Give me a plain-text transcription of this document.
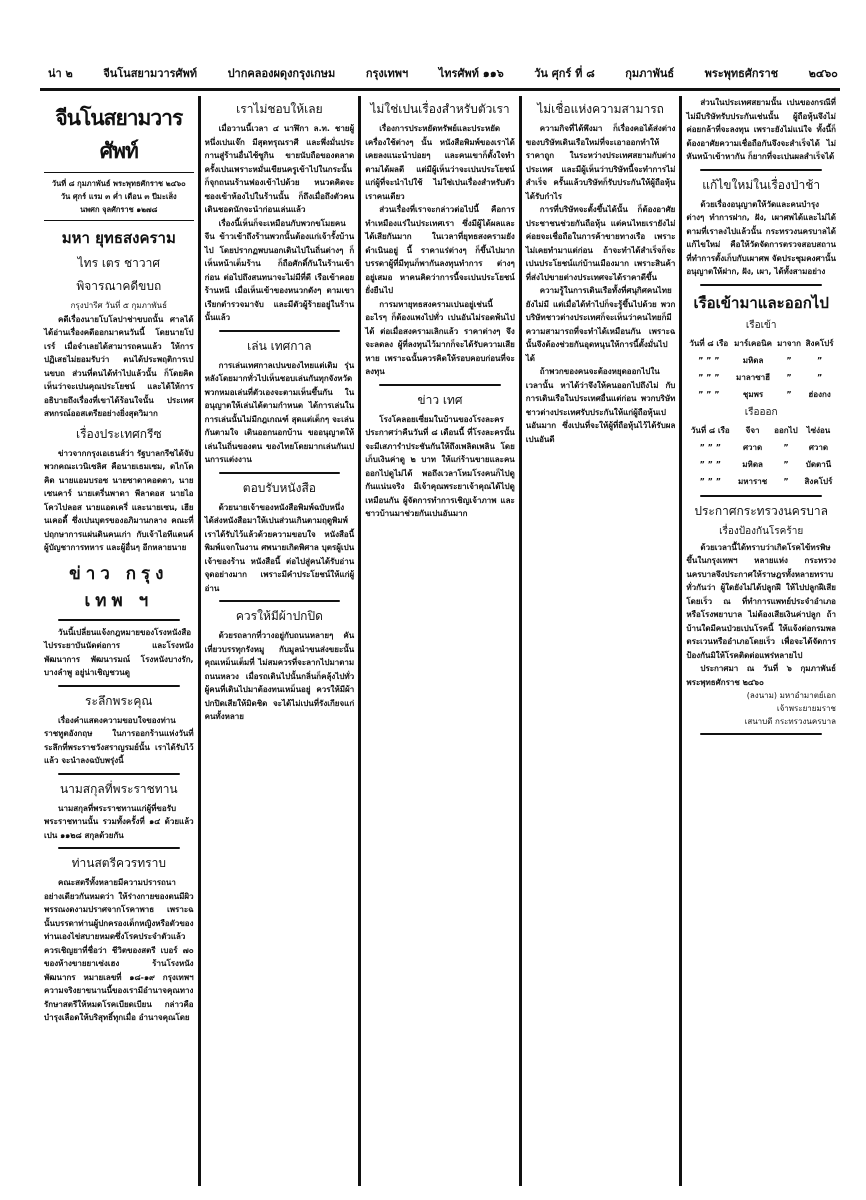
น่า ๒	จีนโนสยามวารศัพท์	ปากคลองผดุงกรุงเกษม	กรุงเทพฯ	ไทรศัพท์ ๑๑๖	วัน ศุกร์ ที่ ๘	กุมภาพันธ์	พระพุทธศักราช	๒๔๖๐
จีนโนสยามวารศัพท์
วันที่ ๘ กุมภาพันธ์ พระพุทธศักราช ๒๔๖๐
วัน ศุกร์ แรม ๓ ค่ำ เดือน ๓ ปีมะเส็ง
นพศก จุลศักราช ๑๒๗๘
มหา ยุทธสงคราม
ไทร เตร ชาวาศ
พิจารณาคดีขบถ
กรุงปารีศ วันที่ ๕ กุมภาพันธ์
คดีเรื่องนายโบโลปาช่าขบถนั้น ศาลได้ได้อ่านเรื่องคดีออกมาคนวันนี้ โดยนายโปเรร์ เมื่อจำเลยได้สามารถคนแล้ว ให้การปฏิเสธไม่ยอมรับว่า ตนได้ประพฤติการเปนขบถ ส่วนที่ตนได้ทำไปแล้วนั้น ก็โดยคิดเห็นว่าจะเปนคุณประโยชน์ และได้ให้การอธิบายถึงเรื่องที่เขาได้ร้อนใจนั้น ประเทศสหกรณ์ออสเตรียอย่างยิ่งสุดวิมาก
เรื่องประเทศกรีซ
ข่าวจากกรุงเอเธนส์ว่า รัฐบาลกรีซได้จับพวกคณะเวนิเซลิศ คือนายเธมเซม, ดไกโดคิด นายแอมบรอซ นายซาดาคอดดา, นายเซนคาร์ นายเตรี่นพาดา พีลาดอส นายไอโควไปลอส นายแอดเครี่ และนายเซน, เฮียนเคอดี้ ซึ่งเปนบุตรของอภิมานกลาง คณะที่ปฤกษาการแผ่นดินคนเก่า กับเจ้าไอทีแดนค์ผู้บัญชาการทหาร และผู้อื่นๆ อีกหลายนาย
ข่าว กรุง เทพ ฯ
วันนี้เปลี่ยนแจ้งกฎหมายของโรงหนังสือไปรระยาบันนัดต่อการ และโรงหนังพัฒนาการ พัฒนารมณ์ โรงหนังบางรัก, บางลำพู อยู่น่าเชิญชวนดู
ระลึกพระคุณ
เรื่องคำแสดงความขอบใจของท่านราชทูตอังกฤษ ในการออกร้านแห่งวันที่ระลึกที่พระราชวังสราญรมย์นั้น เราได้รับไว้แล้ว จะนำลงฉบับพรุ่งนี้
นามสกุลที่พระราชทาน
นามสกุลที่พระราชทานแก่ผู้ที่ขอรับพระราชทานนั้น รวมทั้งครั้งที่ ๑๔ ด้วยแล้ว เปน ๑๑๒๘ สกุลด้วยกัน
ท่านสตรีควรทราบ
คณะสตรีทั้งหลายมีความปรารถนาอย่างเดียวกันหมดว่า ให้ร่างกายของตนมีผิวพรรณงดงามปราศจากโรคาพาธ เพราะฉนั้นบรรดาท่านผู้ปกครองเด็กหญิงหรือตัวของท่านเองไข่สบายหมดซึ่งโรคประจำตัวแล้ว ควรเชิญยาที่ชื่อว่า ชีวิตของสตรี เบอร์ ๗๐ ของห้างขายยาเซ่งเฮง ร้านโรงหนังพัฒนากร หมายเลขที่ ๑๘-๑๙ กรุงเทพฯ ความจริงยาขนานนี้ของเรามีอำนาจคุณทางรักษาสตรีให้หมดโรคเบียดเบียน กล่าวคือบำรุงเลือดให้บริสุทธิ์ทุกเมื่อ อำนาจคุณโดย
เราไม่ชอบให้เลย
เมื่อวานนี้เวลา ๔ นาฬิกา ล.ท. ชายผู้หนึ่งเปนเจ๊ก มีสุดทรุณราศี และพึ่งมั่นประกานสู่ร้านอื่นไซ้ซูกิน ขายนับถือของตลาด ครั้งเปนเพราะหมั่นเขียนครูเข้าไปในกระนั้น ก็จุกถนนร้านฟองเข้าไปด้วย หนวดคิดจะซองเข้าห้องไปในร้านนั้น ก็ถึงเมื่อถึงตัวคนเดินชอดนักจะนำก่อนเล่นแล้ว
เรื่องนี้เห็นก็จะเหมือนกับพวกขโมยคนจีน ข้าวเข้าถึงร้านพวกนั้นต้องแก่เจ้ารั้งบ้านไป โดยปรากฏพบนอกเดินไปในถิ่นต่างๆ ก็เห็นหน้าเต็มร้าน ก็ถือศักดิ์กันในร้านเข้าก่อน ต่อไปถึงสนทนาจะไม่มีที่ดี เรือเข้าคอยร้านหนี เมื่อเห็นเข้าของหนวกดังๆ ตามเขาเรียกตำรวจมาจับ และมีตัวผู้ร้ายอยู่ในร้านนั้นแล้ว
เล่น เทศกาล
การเล่นเทศกาลเปนของไทยแต่เดิม รุ่นหลังโดยมากทั่วไปเห็นชอบเล่นกันทุกจังหวัด พวกหมอเล่นที่ตัวเองจะตามเห็นขึ้นกัน ในอนุญาตให้เล่นได้ตามกำหนด ได้การเล่นในการเล่นนั้นไม่มีกฎเกณฑ์ สุดแต่เด็กๆ จะเล่นกันตามใจ เดินออกนอกบ้าน ขออนุญาตให้เล่นในถิ่นของตน ของไทยโดยมากเล่นกันเปนการแต่งงาน
ตอบรับหนังสือ
ด้วยนายเจ้าของหนังสือพิมพ์ฉบับหนึ่ง ได้ส่งหนังสือมาให้เปนส่วนเกินตามฤดูพิมพ์ เราได้รับไว้แล้วด้วยความขอบใจ หนังสือนี้พิมพ์แจกในงาน ศพนายเกิดพิศาล บุตรผู้เปนเจ้าของร้าน หนังสือนี้ ต่อไปสู่คนได้รับอ่านจุดอย่างมาก เพราะมีคำประโยชน์ให้แก่ผู้อ่าน
ควรให้มีผ้าปกปิด
ด้วยรถลากที่วางอยู่กับถนนหลายๆ คัน เที่ยวบรรทุกรังหมู กับมูลนำขนส่งขยะนั้น คุณเหม็นเต็มที่ ไม่สมควรที่จะลากไปมาตามถนนหลวง เมื่อรถเดินไปนั้นกลิ่นก็คลุ้งไปทั่ว ผู้คนที่เดินไปมาต้องทนเหม็นอยู่ ควรให้มีผ้าปกปิดเสียให้มิดชิด จะได้ไม่เปนที่รังเกียจแก่คนทั้งหลาย
ไม่ใช่เปนเรื่องสำหรับตัวเรา
เรื่องการประหยัดทรัพย์และประหยัดเครื่องใช้ต่างๆ นั้น หนังสือพิมพ์ของเราได้เคยลงแนะนำบ่อยๆ และคนเขาก็ตั้งใจทำตามได้ผลดี แต่มีผู้เห็นว่าจะเปนประโยชน์แก่ผู้ที่จะนำไปใช้ ไม่ใช่เปนเรื่องสำหรับตัวเราคนเดียว
ส่วนเรื่องที่เราจะกล่าวต่อไปนี้ คือการทำเหมืองแร่ในประเทศเรา ซึ่งมีผู้ได้ผลและได้เสียกันมาก ในเวลาที่ยุทธสงครามยังดำเนินอยู่ นี้ ราคาแร่ต่างๆ ก็ขึ้นไปมาก บรรดาผู้ที่มีทุนก็พากันลงทุนทำการ ต่างๆ อยู่เสมอ หาคนคิดว่าการนี้จะเปนประโยชน์ยั่งยืนไป
การมหายุทธสงครามเปนอยู่เช่นนี้ อะไรๆ ก็ต้องแพงไปทั่ว เปนอันไม่รอดพ้นไปได้ ต่อเมื่อสงครามเลิกแล้ว ราคาต่างๆ จึงจะลดลง ผู้ที่ลงทุนไว้มากก็จะได้รับความเสียหาย เพราะฉนั้นควรคิดให้รอบคอบก่อนที่จะลงทุน
ข่าว เทศ
โรงโคลอยเซี่ยมในบ้านของโรงละคร ประกาศว่าคืนวันที่ ๘ เดือนนี้ ที่โรงละครนั้นจะมีเสภารำประชันกันให้ถึงเพลิดเพลิน โดยเก็บเงินค่าดู ๒ บาท ให้แก่ร้านขายและคนออกไปดูไม่ได้ พอถึงเวลาโหมโรงคนก็ไปดูกันแน่นจริง มีเจ้าคุณพระยาเจ้าคุณได้ไปดูเหมือนกัน ผู้จัดการทำการเชิญเจ้าภาพ และชาวบ้านมาช่วยกันเปนอันมาก
ไม่เชื่อแห่งความสามารถ
ความกิจที่ได้พึงมา ก็เรื่องคอได้ส่งต่างของบริษัทเดินเรือใหม่ที่จะเอาออกทำให้ราคาถูก ในระหว่างประเทศสยามกับต่างประเทศ และมีผู้เห็นว่าบริษัทนี้จะทำการไม่สำเร็จ ครั้นแล้วบริษัทก็รับประกันให้ผู้ถือหุ้นได้รับกำไร
การที่บริษัทจะตั้งขึ้นได้นั้น ก็ต้องอาศัยประชาชนช่วยกันถือหุ้น แต่คนไทยเรายังไม่ค่อยจะเชื่อถือในการค้าขายทางเรือ เพราะไม่เคยทำมาแต่ก่อน ถ้าจะทำได้สำเร็จก็จะเปนประโยชน์แก่บ้านเมืองมาก เพราะสินค้าที่ส่งไปขายต่างประเทศจะได้ราคาดีขึ้น
ความรู้ในการเดินเรือทั้งที่ศนุกิศคนไทยยังไม่มี แต่เมื่อได้ทำไปก็จะรู้ขึ้นไปด้วย พวกบริษัทชาวต่างประเทศก็จะเห็นว่าคนไทยก็มีความสามารถที่จะทำได้เหมือนกัน เพราะฉนั้นจึงต้องช่วยกันอุดหนุนให้การนี้ตั้งมั่นไปได้
ถ้าพวกของคนจะต้องหยุดออกไปในเวลานั้น หาได้ว่าจึงให้คนออกไปถึงไม่ กับการเดินเรือในประเทศอื่นแต่ก่อน พวกบริษัทชาวต่างประเทศรับประกันให้แก่ผู้ถือหุ้นเปนอันมาก ซึ่งเปนที่จะให้ผู้ที่ถือหุ้นไว้ได้รับผลเปนอันดี
ส่วนในประเทศสยามนั้น เปนของกรณีที่ไม่มีบริษัทรับประกันเช่นนั้น ผู้ถือหุ้นจึงไม่ค่อยกล้าที่จะลงทุน เพราะยังไม่แน่ใจ ทั้งนี้ก็ต้องอาศัยความเชื่อถือกันจึงจะสำเร็จได้ ไม่หันหน้าเข้าหากัน ก็ยากที่จะเปนผลสำเร็จได้
แก้ไขใหม่ในเรื่องป่าช้า
ด้วยเรื่องอนุญาตให้วัดและคนบำรุงต่างๆ ทำการฝาก, ฝัง, เผาศพได้และไม่ได้ ตามที่เราลงไปแล้วนั้น กระทรวงนครบาลได้แก้ไขใหม่ คือให้วัดจัดการตรวจสอบสถานที่ทำการตั้งเก็บกับเผาศพ จัดประชุมคงศานั้น อนุญาตให้ฝาก, ฝัง, เผา, ได้ทั้งสามอย่าง
เรือเข้ามาและออกไป
เรือเข้า
วันที่ ๘ เรือ	มาร์เคอนิค	มาจาก	สิงคโปร์
” ” ”	มหิดล	”	”
” ” ”	มาลาซาฮี	”	”
” ” ”	ชุมพร	”	ฮ่องกง
เรือออก
วันที่ ๘ เรือ	จีจา	ออกไป	ไซ่ง่อน
” ” ”	ศวาด	”	ศวาด
” ” ”	มหิดล	”	บัดตานี
” ” ”	มหาราช	”	สิงคโปร์
ประกาศกระทรวงนครบาล
เรื่องป้องกันโรคร้าย
ด้วยเวลานี้ได้ทราบว่าเกิดโรคไข้ทรพิษขึ้นในกรุงเทพฯ หลายแห่ง กระทรวงนครบาลจึงประกาศให้ราษฎรทั้งหลายทราบทั่วกันว่า ผู้ใดยังไม่ได้ปลูกฝี ให้ไปปลูกฝีเสียโดยเร็ว ณ ที่ทำการแพทย์ประจำอำเภอ หรือโรงพยาบาล ไม่ต้องเสียเงินค่าปลูก ถ้าบ้านใดมีคนป่วยเปนโรคนี้ ให้แจ้งต่อกรมพลตระเวนหรืออำเภอโดยเร็ว เพื่อจะได้จัดการป้องกันมิให้โรคติดต่อแพร่หลายไป
ประกาศมา ณ วันที่ ๖ กุมภาพันธ์ พระพุทธศักราช ๒๔๖๐
(ลงนาม) มหาอำมาตย์เอก
เจ้าพระยายมราช
เสนาบดี กระทรวงนครบาล
